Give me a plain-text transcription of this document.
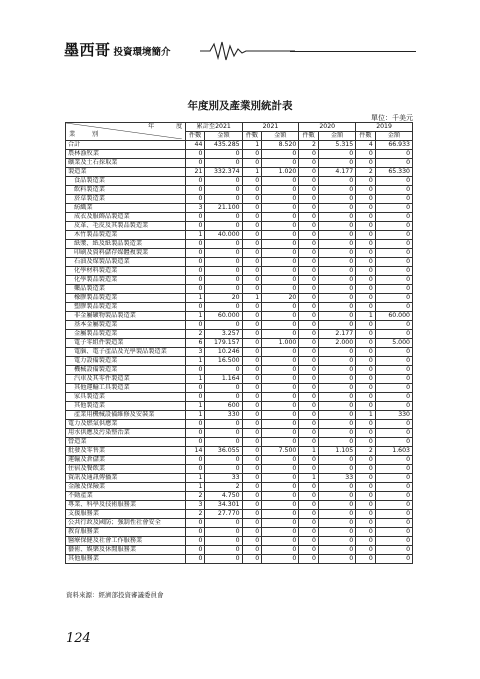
墨西哥 投資環境簡介
年度別及產業別統計表
單位：千美元
年 度
業 別	累計至2021		2021		2020		2019	
	件數	金額	件數	金額	件數	金額	件數	金額
合計	44	435.285	1	8.520	2	5.315	4	66.933
農林漁牧業	0	0	0	0	0	0	0	0
礦業及土石採取業	0	0	0	0	0	0	0	0
製造業	21	332.374	1	1.020	0	4.177	2	65.330
食品製造業	0	0	0	0	0	0	0	0
飲料製造業	0	0	0	0	0	0	0	0
菸草製造業	0	0	0	0	0	0	0	0
紡織業	3	21.100	0	0	0	0	0	0
成衣及服飾品製造業	0	0	0	0	0	0	0	0
皮革、毛皮及其製品製造業	0	0	0	0	0	0	0	0
木竹製品製造業	1	40.000	0	0	0	0	0	0
紙漿、紙及紙製品製造業	0	0	0	0	0	0	0	0
印刷及資料儲存媒體複製業	0	0	0	0	0	0	0	0
石油及煤製品製造業	0	0	0	0	0	0	0	0
化學材料製造業	0	0	0	0	0	0	0	0
化學製品製造業	0	0	0	0	0	0	0	0
藥品製造業	0	0	0	0	0	0	0	0
橡膠製品製造業	1	20	1	20	0	0	0	0
塑膠製品製造業	0	0	0	0	0	0	0	0
非金屬礦物製品製造業	1	60.000	0	0	0	0	1	60.000
基本金屬製造業	0	0	0	0	0	0	0	0
金屬製品製造業	2	3.257	0	0	0	2.177	0	0
電子零組件製造業	6	179.157	0	1.000	0	2.000	0	5.000
電腦、電子產品及光學製品製造業	3	10.246	0	0	0	0	0	0
電力設備製造業	1	16.500	0	0	0	0	0	0
機械設備製造業	0	0	0	0	0	0	0	0
汽車及其零件製造業	1	1.164	0	0	0	0	0	0
其他運輸工具製造業	0	0	0	0	0	0	0	0
家具製造業	0	0	0	0	0	0	0	0
其他製造業	1	600	0	0	0	0	0	0
產業用機械設備維修及安裝業	1	330	0	0	0	0	1	330
電力及燃氣供應業	0	0	0	0	0	0	0	0
用水供應及污染整治業	0	0	0	0	0	0	0	0
營造業	0	0	0	0	0	0	0	0
批發及零售業	14	36.055	0	7.500	1	1.105	2	1.603
運輸及倉儲業	0	0	0	0	0	0	0	0
住宿及餐飲業	0	0	0	0	0	0	0	0
資訊及通訊傳播業	1	33	0	0	1	33	0	0
金融及保險業	1	2	0	0	0	0	0	0
不動產業	2	4.750	0	0	0	0	0	0
專業、科學及技術服務業	3	34.301	0	0	0	0	0	0
支援服務業	2	27.770	0	0	0	0	0	0
公共行政及國防；強制性社會安全	0	0	0	0	0	0	0	0
教育服務業	0	0	0	0	0	0	0	0
醫療保健及社會工作服務業	0	0	0	0	0	0	0	0
藝術、娛樂及休閒服務業	0	0	0	0	0	0	0	0
其他服務業	0	0	0	0	0	0	0	0
資料來源：經濟部投資審議委員會
124
